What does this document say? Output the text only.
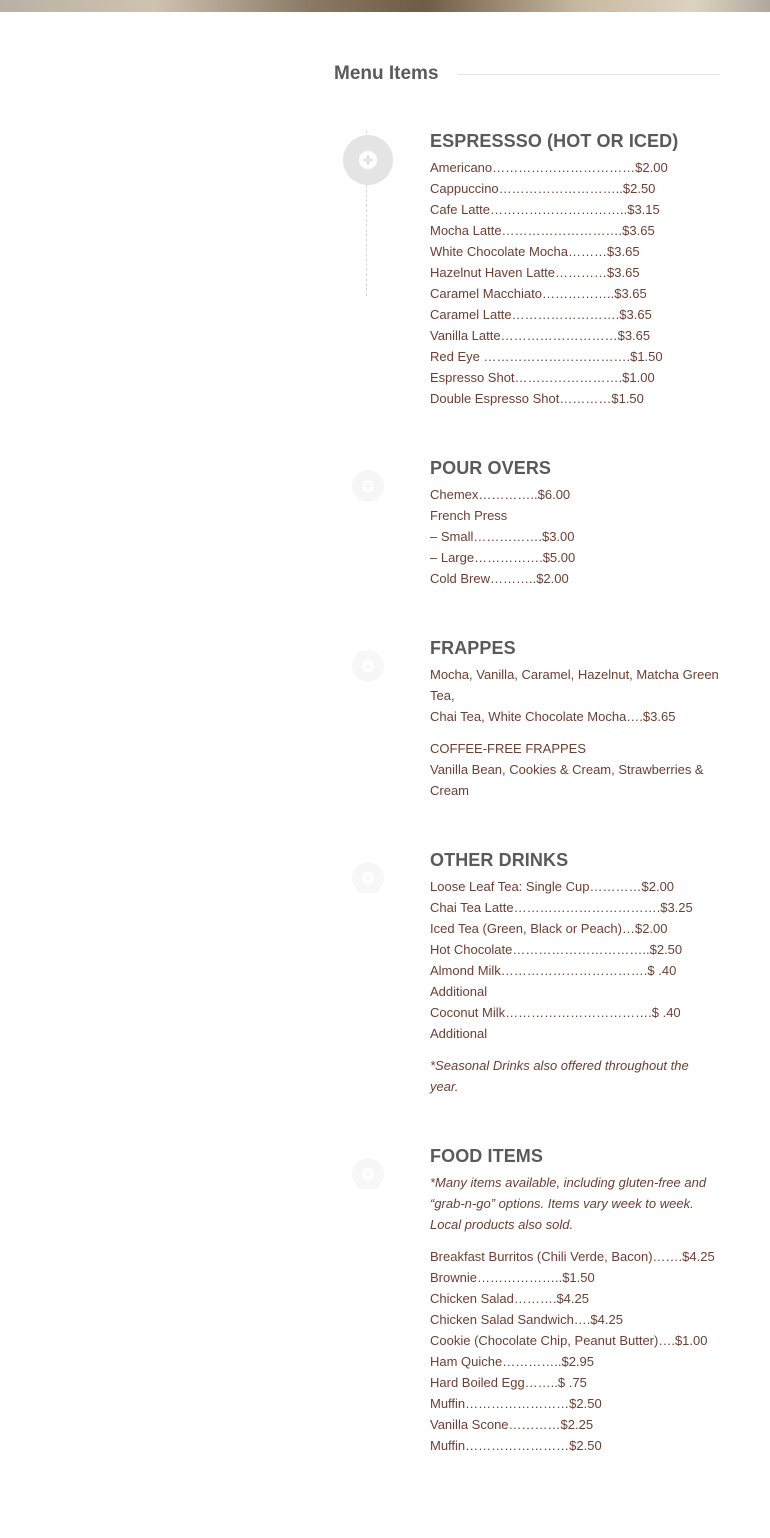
Menu Items
ESPRESSSO (HOT OR ICED)
Americano……………………………$2.00
Cappuccino………………………..$2.50
Cafe Latte…………………………..$3.15
Mocha Latte……………………….$3.65
White Chocolate Mocha………$3.65
Hazelnut Haven Latte…………$3.65
Caramel Macchiato……………..$3.65
Caramel Latte…………………….$3.65
Vanilla Latte………………………$3.65
Red Eye …………………………….$1.50
Espresso Shot…………………….$1.00
Double Espresso Shot…………$1.50
POUR OVERS
Chemex…………..$6.00
French Press
– Small…………….$3.00
– Large…………….$5.00
Cold Brew………..$2.00
FRAPPES
Mocha, Vanilla, Caramel, Hazelnut, Matcha Green Tea,
Chai Tea, White Chocolate Mocha….$3.65
COFFEE-FREE FRAPPES
Vanilla Bean, Cookies & Cream, Strawberries & Cream
OTHER DRINKS
Loose Leaf Tea: Single Cup…………$2.00
Chai Tea Latte…………………………….$3.25
Iced Tea (Green, Black or Peach)…$2.00
Hot Chocolate…………………………..$2.50
Almond Milk…………………………….$ .40 Additional
Coconut Milk…………………………….$ .40 Additional
*Seasonal Drinks also offered throughout the year.
FOOD ITEMS
*Many items available, including gluten-free and “grab-n-go” options. Items vary week to week. Local products also sold.
Breakfast Burritos (Chili Verde, Bacon)…….$4.25
Brownie………………..$1.50
Chicken Salad……….$4.25
Chicken Salad Sandwich….$4.25
Cookie (Chocolate Chip, Peanut Butter)….$1.00
Ham Quiche…………..$2.95
Hard Boiled Egg……..$ .75
Muffin……………………$2.50
Vanilla Scone…………$2.25
Muffin……………………$2.50
